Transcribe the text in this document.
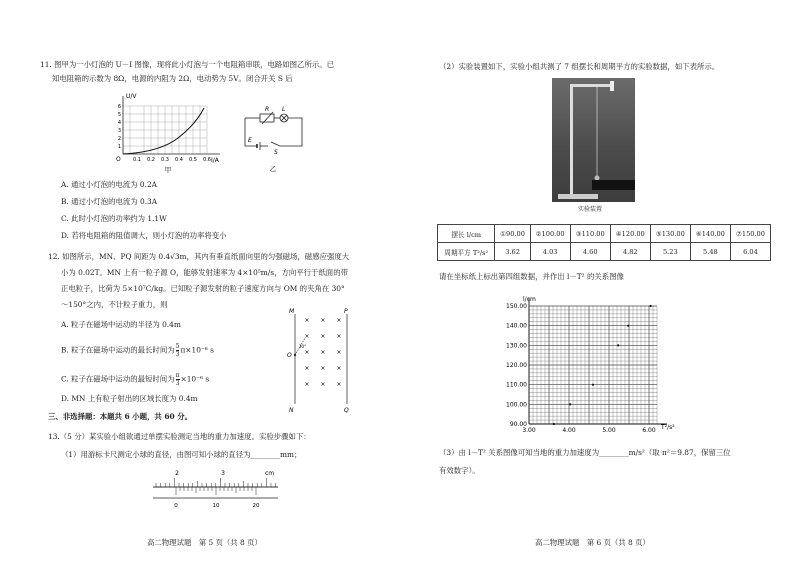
11. 图甲为一小灯泡的 U－I 图像，现将此小灯泡与一个电阻箱串联，电路如图乙所示。已
知电阻箱的示数为 8Ω，电源的内阻为 2Ω，电动势为 5V。闭合开关 S 后
U/V
I/A
O
1
2
3
4
5
6
0.1 0.2 0.3 0.4 0.5 0.6
甲
R L
E
S
乙
A. 通过小灯泡的电流为 0.2A
B. 通过小灯泡的电流为 0.3A
C. 此时小灯泡的功率约为 1.1W
D. 若将电阻箱的阻值调大，则小灯泡的功率将变小
12. 如图所示，MN、PQ 间距为 0.4√3m，其内有垂直纸面向里的匀强磁场，磁感应强度大
小为 0.02T。MN 上有一粒子源 O，能够发射速率为 4×10⁵m/s，方向平行于纸面的带
正电粒子，比荷为 5×10⁷C/kg。已知粒子源发射的粒子速度方向与 OM 的夹角在 30°
～150°之内，不计粒子重力，则
A. 粒子在磁场中运动的半径为 0.4m
B. 粒子在磁场中运动的最长时间为 $\frac{5}{3} \pi\times 10^{-6}$ s
C. 粒子在磁场中运动的最短时间为 $\frac{\pi}{3} \times 10^{-6}$ s
D. MN 上有粒子射出的区域长度为 0.4m
M
N
P
Q
O
30°
× × ×
× × ×
× × ×
× × ×
× × ×
三、非选择题：本题共 6 小题，共 60 分。
13.（5 分）某实验小组欲通过单摆实验测定当地的重力加速度。实验步骤如下：
（1）用游标卡尺测定小球的直径，由图可知小球的直径为________mm；
2	3	cm
0	10	20
高二物理试题　第 5 页（共 8 页）
（2）实验装置如下，实验小组共测了 7 组摆长和周期平方的实验数据，如下表所示。
实验装置
摆长 l/cm	①90.00	②100.00	③110.00	④120.00	⑤130.00	⑥140.00	⑦150.00
周期平方 T²/s²	3.62	4.03	4.60	4.82	5.23	5.48	6.04
请在坐标纸上标出第四组数据，并作出 l－T² 的关系图像
150.00
140.00
130.00
120.00
110.00
100.00
90.00
3.00	4.00	5.00	6.00
l/cm
T²/s²
（3）由 l－T² 关系图像可知当地的重力加速度为________m/s²（取 π²＝9.87，保留三位
有效数字）。
高二物理试题　第 6 页（共 8 页）
